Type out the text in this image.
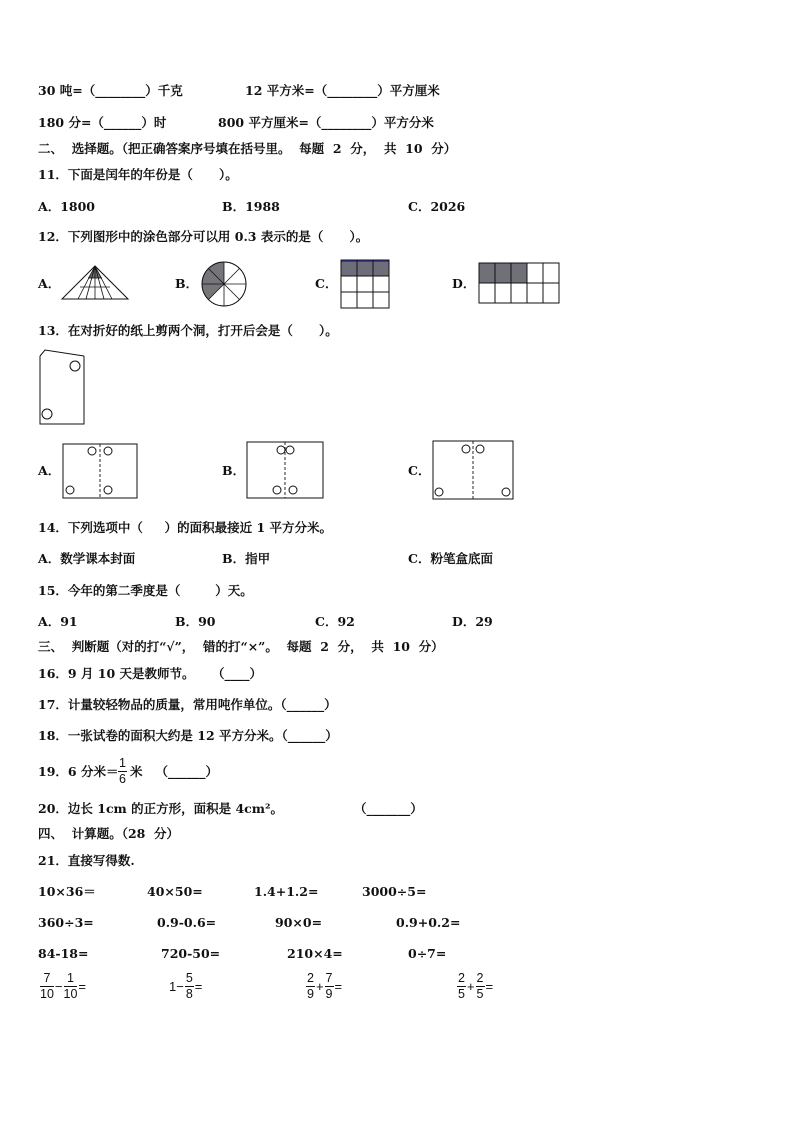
30 吨=（________）千克	12 平方米=（________）平方厘米
180 分=（______）时	800 平方厘米=（________）平方分米
二、  选择题。（把正确答案序号填在括号里。  每题  2  分，  共  10  分）
11．下面是闰年的年份是（      ）。
A．1800	B．1988	C．2026
12．下列图形中的涂色部分可以用 0.3 表示的是（      ）。
A．	B．	C．	D．
13．在对折好的纸上剪两个洞，打开后会是（      ）。
A．	B．	C．
14．下列选项中（     ）的面积最接近 1 平方分米。
A．数学课本封面	B．指甲	C．粉笔盒底面
15．今年的第二季度是（        ）天。
A．91	B．90	C．92	D．29
三、  判断题（对的打“√”，  错的打“×”。  每题  2  分，  共  10  分）
16．9 月 10 天是教师节。    （____）
17．计量较轻物品的质量，常用吨作单位。（______）
18．一张试卷的面积大约是 12 平方分米。（______）
19．6 分米＝ $\frac{1}{6}$ 米   （______）
20．边长 1cm 的正方形，面积是 4cm²。	（_______）
四、  计算题。（28  分）
21．直接写得数.
10×36＝	40×50=	1.4+1.2=	3000÷5=
360÷3=	0.9-0.6=	90×0=	0.9+0.2=
84-18=	720-50=	210×4=	0÷7=
$\frac{7}{10} - \frac{1}{10}$ =	$1- \frac{5}{8}$ =	$\frac{2}{9} + \frac{7}{9}$ =	$\frac{2}{5} + \frac{2}{5}$ =
